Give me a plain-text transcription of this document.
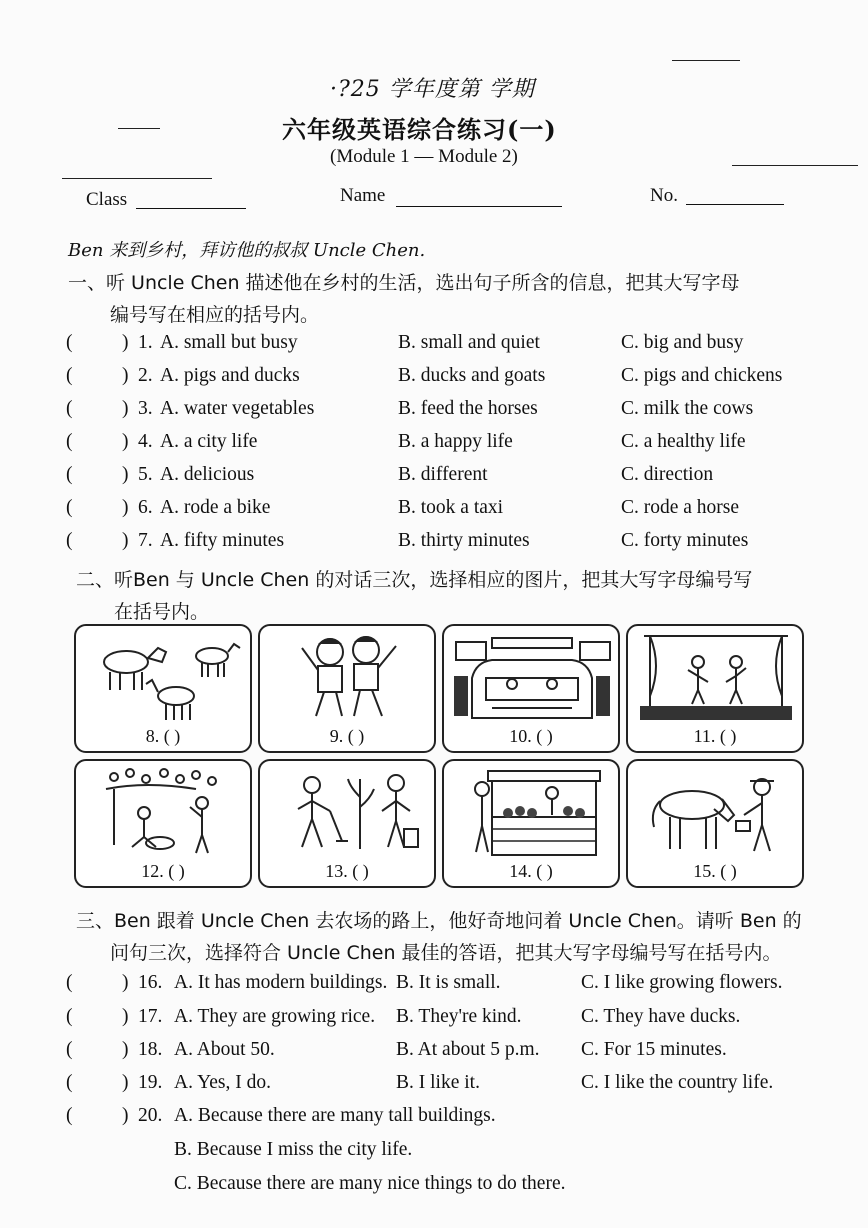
·?25 学年度第 学期
六年级英语综合练习(一)
(Module 1 — Module 2)
Class	Name	No.
Ben 来到乡村，拜访他的叔叔 Uncle Chen.
一、听 Uncle Chen 描述他在乡村的生活，选出句子所含的信息，把其大写字母
编号写在相应的括号内。
(	) 1. A. small but busy	B. small and quiet	C. big and busy
(	) 2. A. pigs and ducks	B. ducks and goats	C. pigs and chickens
(	) 3. A. water vegetables	B. feed the horses	C. milk the cows
(	) 4. A. a city life	B. a happy life	C. a healthy life
(	) 5. A. delicious	B. different	C. direction
(	) 6. A. rode a bike	B. took a taxi	C. rode a horse
(	) 7. A. fifty minutes	B. thirty minutes	C. forty minutes
二、听Ben 与 Uncle Chen 的对话三次，选择相应的图片，把其大写字母编号写
在括号内。
8. ( )	9. ( )	10. ( )	11. ( )
12. ( )	13. ( )	14. ( )	15. ( )
三、Ben 跟着 Uncle Chen 去农场的路上，他好奇地问着 Uncle Chen。请听 Ben 的
问句三次，选择符合 Uncle Chen 最佳的答语，把其大写字母编号写在括号内。
(	) 16. A. It has modern buildings. B. It is small.	C. I like growing flowers.
(	) 17. A. They are growing rice. B. They're kind.	C. They have ducks.
(	) 18. A. About 50.	B. At about 5 p.m. C. For 15 minutes.
(	) 19. A. Yes, I do.	B. I like it.	C. I like the country life.
(	) 20. A. Because there are many tall buildings.
B. Because I miss the city life.
C. Because there are many nice things to do there.
